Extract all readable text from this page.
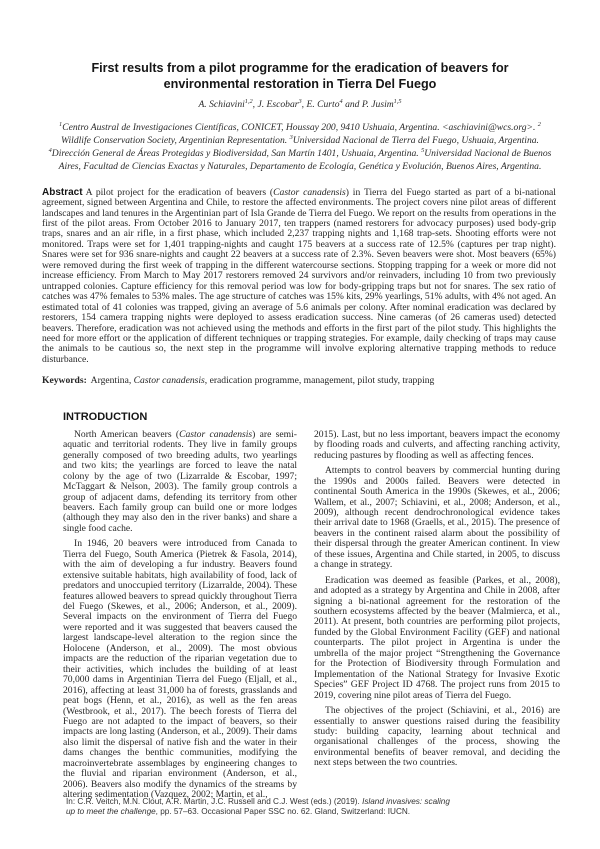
First results from a pilot programme for the eradication of beavers for
environmental restoration in Tierra Del Fuego
A. Schiavini$^{1,2}$, J. Escobar$^3$, E. Curto$^4$ and P. Jusim$^{1,5}$
$^1$Centro Austral de Investigaciones Científicas, CONICET, Houssay 200, 9410 Ushuaia, Argentina. <aschiavini@wcs.org>. $^2$ Wildlife Conservation Society, Argentinian Representation. $^3$Universidad Nacional de Tierra del Fuego, Ushuaia, Argentina. $^4$Dirección General de Áreas Protegidas y Biodiversidad, San Martín 1401, Ushuaia, Argentina. $^5$Universidad Nacional de Buenos Aires, Facultad de Ciencias Exactas y Naturales, Departamento de Ecología, Genética y Evolución, Buenos Aires, Argentina.

Abstract A pilot project for the eradication of beavers (Castor canadensis) in Tierra del Fuego started as part of a bi-national agreement, signed between Argentina and Chile, to restore the affected environments. The project covers nine pilot areas of different landscapes and land tenures in the Argentinian part of Isla Grande de Tierra del Fuego. We report on the results from operations in the first of the pilot areas. From October 2016 to January 2017, ten trappers (named restorers for advocacy purposes) used body-grip traps, snares and an air rifle, in a first phase, which included 2,237 trapping nights and 1,168 trap-sets. Shooting efforts were not monitored. Traps were set for 1,401 trapping-nights and caught 175 beavers at a success rate of 12.5% (captures per trap night). Snares were set for 936 snare-nights and caught 22 beavers at a success rate of 2.3%. Seven beavers were shot. Most beavers (65%) were removed during the first week of trapping in the different watercourse sections. Stopping trapping for a week or more did not increase efficiency. From March to May 2017 restorers removed 24 survivors and/or reinvaders, including 10 from two previously untrapped colonies. Capture efficiency for this removal period was low for body-gripping traps but not for snares. The sex ratio of catches was 47% females to 53% males. The age structure of catches was 15% kits, 29% yearlings, 51% adults, with 4% not aged. An estimated total of 41 colonies was trapped, giving an average of 5.6 animals per colony. After nominal eradication was declared by restorers, 154 camera trapping nights were deployed to assess eradication success. Nine cameras (of 26 cameras used) detected beavers. Therefore, eradication was not achieved using the methods and efforts in the first part of the pilot study. This highlights the need for more effort or the application of different techniques or trapping strategies. For example, daily checking of traps may cause the animals to be cautious so, the next step in the programme will involve exploring alternative trapping methods to reduce disturbance.

Keywords: Argentina, Castor canadensis, eradication programme, management, pilot study, trapping

INTRODUCTION

North American beavers (Castor canadensis) are semi-aquatic and territorial rodents. They live in family groups generally composed of two breeding adults, two yearlings and two kits; the yearlings are forced to leave the natal colony by the age of two (Lizarralde & Escobar, 1997; McTaggart & Nelson, 2003). The family group controls a group of adjacent dams, defending its territory from other beavers. Each family group can build one or more lodges (although they may also den in the river banks) and share a single food cache.

In 1946, 20 beavers were introduced from Canada to Tierra del Fuego, South America (Pietrek & Fasola, 2014), with the aim of developing a fur industry. Beavers found extensive suitable habitats, high availability of food, lack of predators and unoccupied territory (Lizarralde, 2004). These features allowed beavers to spread quickly throughout Tierra del Fuego (Skewes, et al., 2006; Anderson, et al., 2009). Several impacts on the environment of Tierra del Fuego were reported and it was suggested that beavers caused the largest landscape-level alteration to the region since the Holocene (Anderson, et al., 2009). The most obvious impacts are the reduction of the riparian vegetation due to their activities, which includes the building of at least 70,000 dams in Argentinian Tierra del Fuego (Eljall, et al., 2016), affecting at least 31,000 ha of forests, grasslands and peat bogs (Henn, et al., 2016), as well as the fen areas (Westbrook, et al., 2017). The beech forests of Tierra del Fuego are not adapted to the impact of beavers, so their impacts are long lasting (Anderson, et al., 2009). Their dams also limit the dispersal of native fish and the water in their dams changes the benthic communities, modifying the macroinvertebrate assemblages by engineering changes to the fluvial and riparian environment (Anderson, et al., 2006). Beavers also modify the dynamics of the streams by altering sedimentation (Vazquez, 2002; Martin, et al.,

2015). Last, but no less important, beavers impact the economy by flooding roads and culverts, and affecting ranching activity, reducing pastures by flooding as well as affecting fences.

Attempts to control beavers by commercial hunting during the 1990s and 2000s failed. Beavers were detected in continental South America in the 1990s (Skewes, et al., 2006; Wallem, et al., 2007; Schiavini, et al., 2008; Anderson, et al., 2009), although recent dendrochronological evidence takes their arrival date to 1968 (Graells, et al., 2015). The presence of beavers in the continent raised alarm about the possibility of their dispersal through the greater American continent. In view of these issues, Argentina and Chile started, in 2005, to discuss a change in strategy.

Eradication was deemed as feasible (Parkes, et al., 2008), and adopted as a strategy by Argentina and Chile in 2008, after signing a bi-national agreement for the restoration of the southern ecosystems affected by the beaver (Malmierca, et al., 2011). At present, both countries are performing pilot projects, funded by the Global Environment Facility (GEF) and national counterparts. The pilot project in Argentina is under the umbrella of the major project “Strengthening the Governance for the Protection of Biodiversity through Formulation and Implementation of the National Strategy for Invasive Exotic Species” GEF Project ID 4768. The project runs from 2015 to 2019, covering nine pilot areas of Tierra del Fuego.

The objectives of the project (Schiavini, et al., 2016) are essentially to answer questions raised during the feasibility study: building capacity, learning about technical and organisational challenges of the process, showing the environmental benefits of beaver removal, and deciding the next steps between the two countries.

In: C.R. Veitch, M.N. Clout, A.R. Martin, J.C. Russell and C.J. West (eds.) (2019). Island invasives: scaling up to meet the challenge, pp. 57–63. Occasional Paper SSC no. 62. Gland, Switzerland: IUCN.
